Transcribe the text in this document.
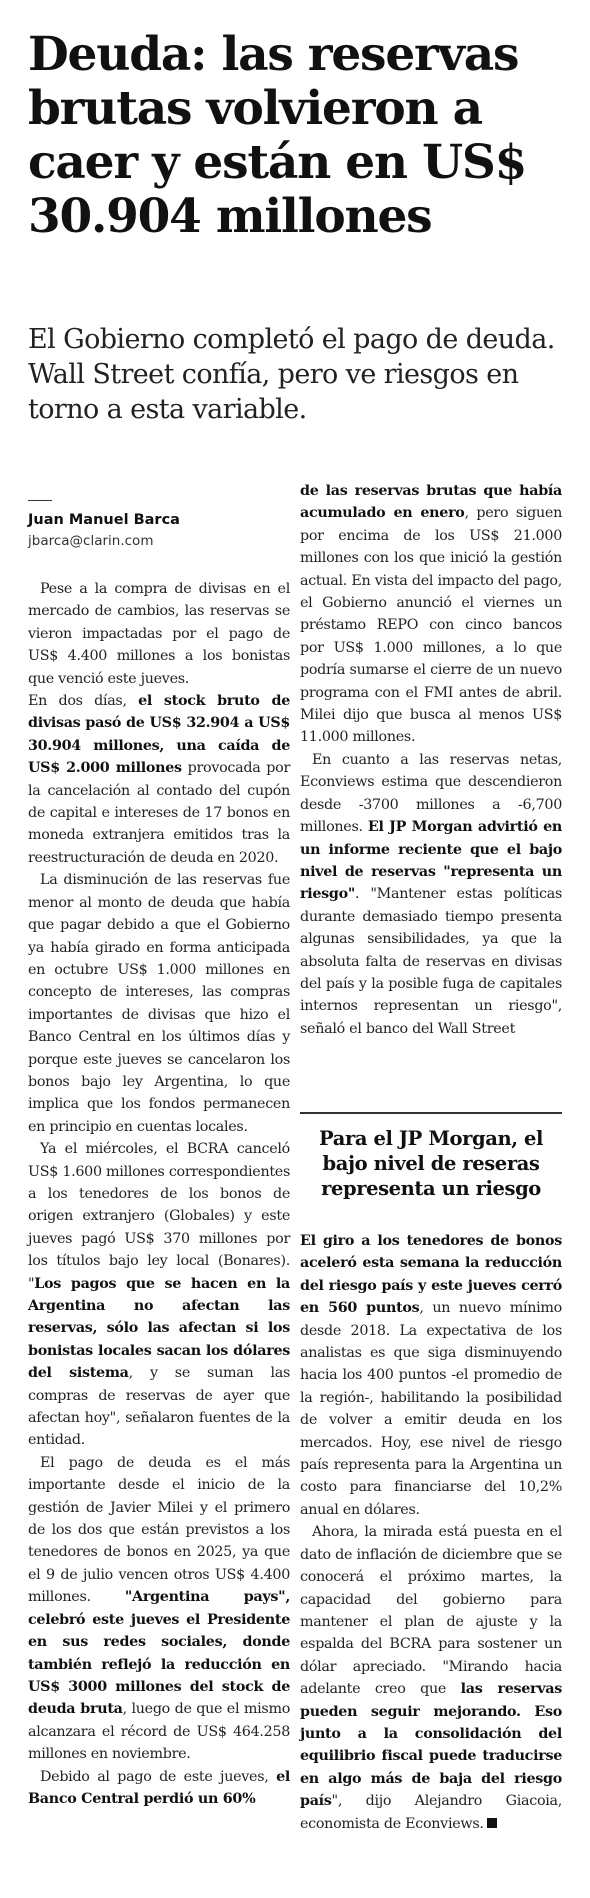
Deuda: las reservas brutas volvieron a caer y están en US$ 30.904 millones
El Gobierno completó el pago de deuda. Wall Street confía, pero ve riesgos en torno a esta variable.
Juan Manuel Barca
jbarca@clarin.com

Pese a la compra de divisas en el mercado de cambios, las reservas se vieron impactadas por el pago de US$ 4.400 millones a los bonistas que venció este jueves.

En dos días, el stock bruto de divisas pasó de US$ 32.904 a US$ 30.904 millones, una caída de US$ 2.000 millones provocada por la cancelación al contado del cupón de capital e intereses de 17 bonos en moneda extranjera emitidos tras la reestructuración de deuda en 2020.

La disminución de las reservas fue menor al monto de deuda que había que pagar debido a que el Gobierno ya había girado en forma anticipada en octubre US$ 1.000 millones en concepto de intereses, las compras importantes de divisas que hizo el Banco Central en los últimos días y porque este jueves se cancelaron los bonos bajo ley Argentina, lo que implica que los fondos permanecen en principio en cuentas locales.

Ya el miércoles, el BCRA canceló US$ 1.600 millones correspondientes a los tenedores de los bonos de origen extranjero (Globales) y este jueves pagó US$ 370 millones por los títulos bajo ley local (Bonares). "Los pagos que se hacen en la Argentina no afectan las reservas, sólo las afectan si los bonistas locales sacan los dólares del sistema, y se suman las compras de reservas de ayer que afectan hoy", señalaron fuentes de la entidad.

El pago de deuda es el más importante desde el inicio de la gestión de Javier Milei y el primero de los dos que están previstos a los tenedores de bonos en 2025, ya que el 9 de julio vencen otros US$ 4.400 millones. "Argentina pays", celebró este jueves el Presidente en sus redes sociales, donde también reflejó la reducción en US$ 3000 millones del stock de deuda bruta, luego de que el mismo alcanzara el récord de US$ 464.258 millones en noviembre.

Debido al pago de este jueves, el Banco Central perdió un 60%

de las reservas brutas que había acumulado en enero, pero siguen por encima de los US$ 21.000 millones con los que inició la gestión actual. En vista del impacto del pago, el Gobierno anunció el viernes un préstamo REPO con cinco bancos por US$ 1.000 millones, a lo que podría sumarse el cierre de un nuevo programa con el FMI antes de abril. Milei dijo que busca al menos US$ 11.000 millones.

En cuanto a las reservas netas, Econviews estima que descendieron desde -3700 millones a -6,700 millones. El JP Morgan advirtió en un informe reciente que el bajo nivel de reservas "representa un riesgo". "Mantener estas políticas durante demasiado tiempo presenta algunas sensibilidades, ya que la absoluta falta de reservas en divisas del país y la posible fuga de capitales internos representan un riesgo", señaló el banco del Wall Street

Para el JP Morgan, el bajo nivel de reseras representa un riesgo

El giro a los tenedores de bonos aceleró esta semana la reducción del riesgo país y este jueves cerró en 560 puntos, un nuevo mínimo desde 2018. La expectativa de los analistas es que siga disminuyendo hacia los 400 puntos -el promedio de la región-, habilitando la posibilidad de volver a emitir deuda en los mercados. Hoy, ese nivel de riesgo país representa para la Argentina un costo para financiarse del 10,2% anual en dólares.

Ahora, la mirada está puesta en el dato de inflación de diciembre que se conocerá el próximo martes, la capacidad del gobierno para mantener el plan de ajuste y la espalda del BCRA para sostener un dólar apreciado. "Mirando hacia adelante creo que las reservas pueden seguir mejorando. Eso junto a la consolidación del equilibrio fiscal puede traducirse en algo más de baja del riesgo país", dijo Alejandro Giacoia, economista de Econviews.
